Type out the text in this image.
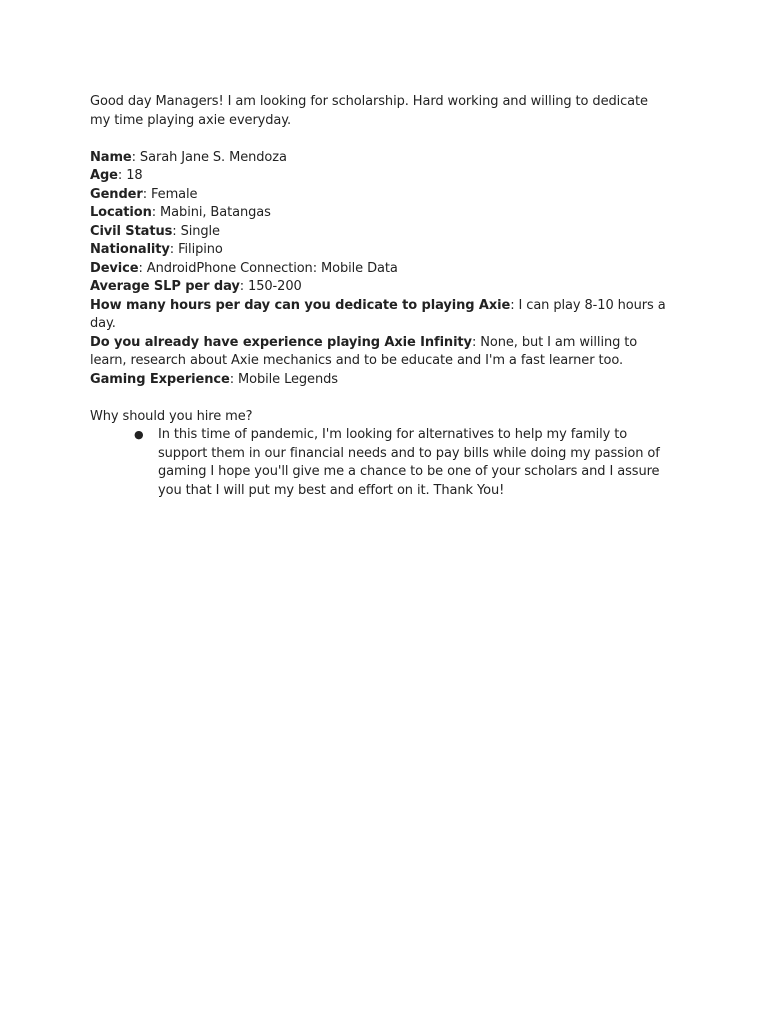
Good day Managers! I am looking for scholarship. Hard working and willing to dedicate my time playing axie everyday.

Name: Sarah Jane S. Mendoza

Age: 18

Gender: Female

Location: Mabini, Batangas

Civil Status: Single

Nationality: Filipino

Device: AndroidPhone Connection: Mobile Data

Average SLP per day: 150-200

How many hours per day can you dedicate to playing Axie: I can play 8-10 hours a day.

Do you already have experience playing Axie Infinity: None, but I am willing to learn, research about Axie mechanics and to be educate and I'm a fast learner too.

Gaming Experience: Mobile Legends

Why should you hire me?

● In this time of pandemic, I'm looking for alternatives to help my family to support them in our financial needs and to pay bills while doing my passion of gaming I hope you'll give me a chance to be one of your scholars and I assure you that I will put my best and effort on it. Thank You!
